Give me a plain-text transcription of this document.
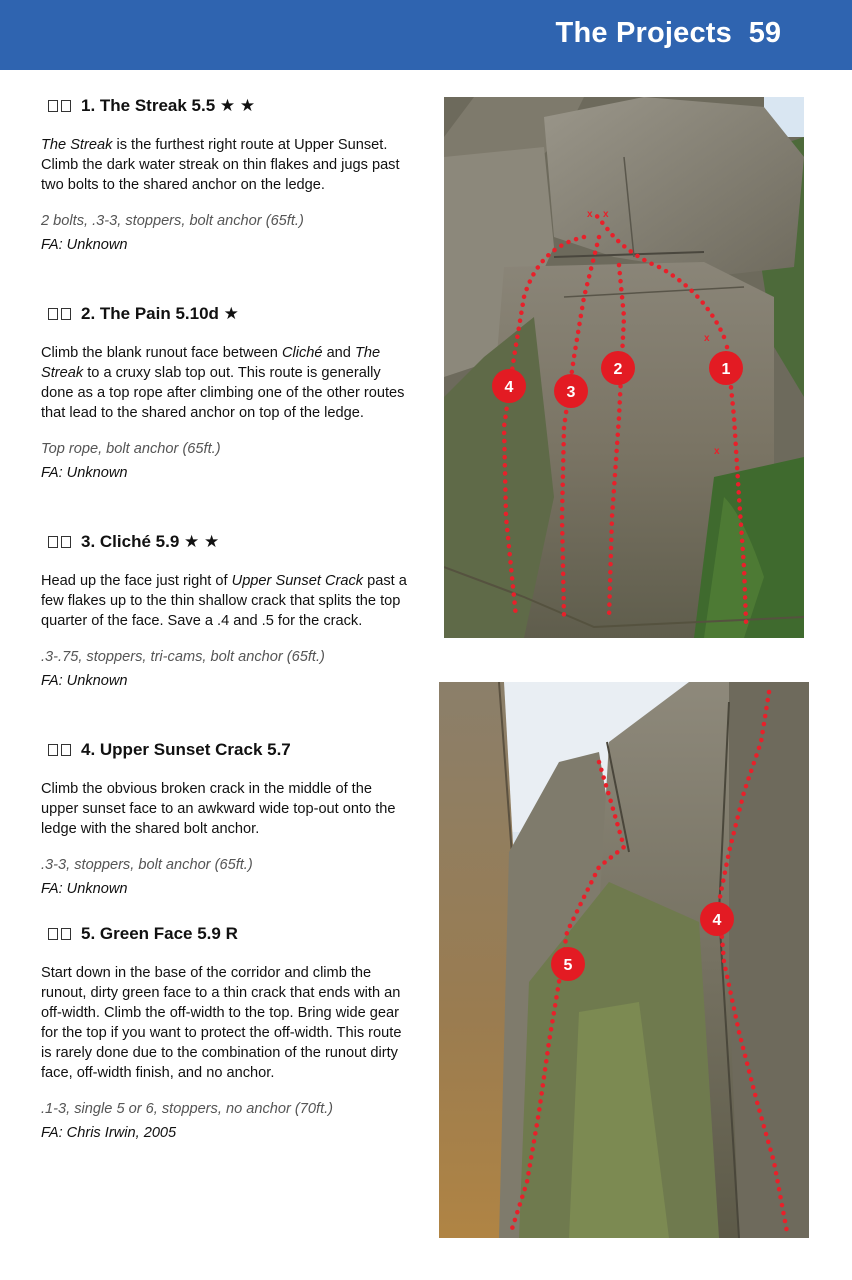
The Projects 59
1. The Streak 5.5 ★ ★

The Streak is the furthest right route at Upper Sunset. Climb the dark water streak on thin flakes and jugs past two bolts to the shared anchor on the ledge.

2 bolts, .3-3, stoppers, bolt anchor (65ft.)

FA: Unknown

2. The Pain 5.10d ★

Climb the blank runout face between Cliché and The Streak to a cruxy slab top out. This route is generally done as a top rope after climbing one of the other routes that lead to the shared anchor on top of the ledge.

Top rope, bolt anchor (65ft.)

FA: Unknown

3. Cliché 5.9 ★ ★

Head up the face just right of Upper Sunset Crack past a few flakes up to the thin shallow crack that splits the top quarter of the face. Save a .4 and .5 for the crack.

.3-.75, stoppers, tri-cams, bolt anchor (65ft.)

FA: Unknown

4. Upper Sunset Crack 5.7

Climb the obvious broken crack in the middle of the upper sunset face to an awkward wide top-out onto the ledge with the shared bolt anchor.

.3-3, stoppers, bolt anchor (65ft.)

FA: Unknown

5. Green Face 5.9 R

Start down in the base of the corridor and climb the runout, dirty green face to a thin crack that ends with an off-width. Climb the off-width to the top. Bring wide gear for the top if you want to protect the off-width. This route is rarely done due to the combination of the runout dirty face, off-width finish, and no anchor.

.1-3, single 5 or 6, stoppers, no anchor (70ft.)

FA: Chris Irwin, 2005

x x
x
x
1
2
3
4
4
5
